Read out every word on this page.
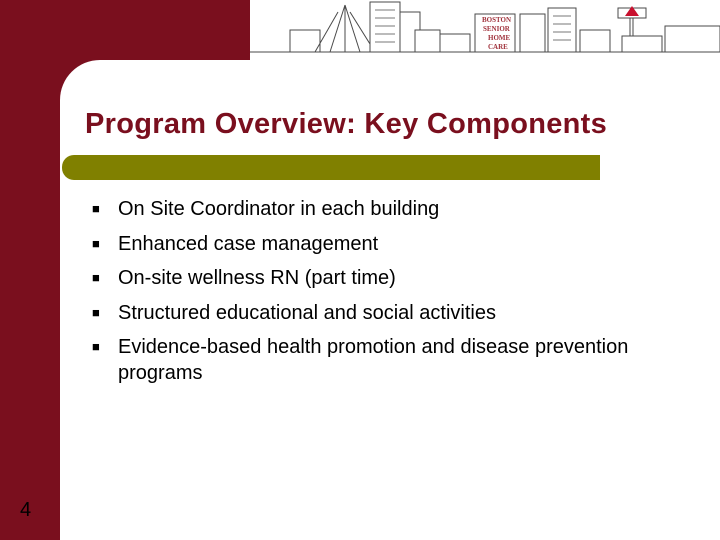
BOSTON
SENIOR
HOME
CARE
Program Overview: Key Components
■ On Site Coordinator in each building
■ Enhanced case management
■ On-site wellness RN (part time)
■ Structured educational and social activities
■ Evidence-based health promotion and disease prevention programs
4
